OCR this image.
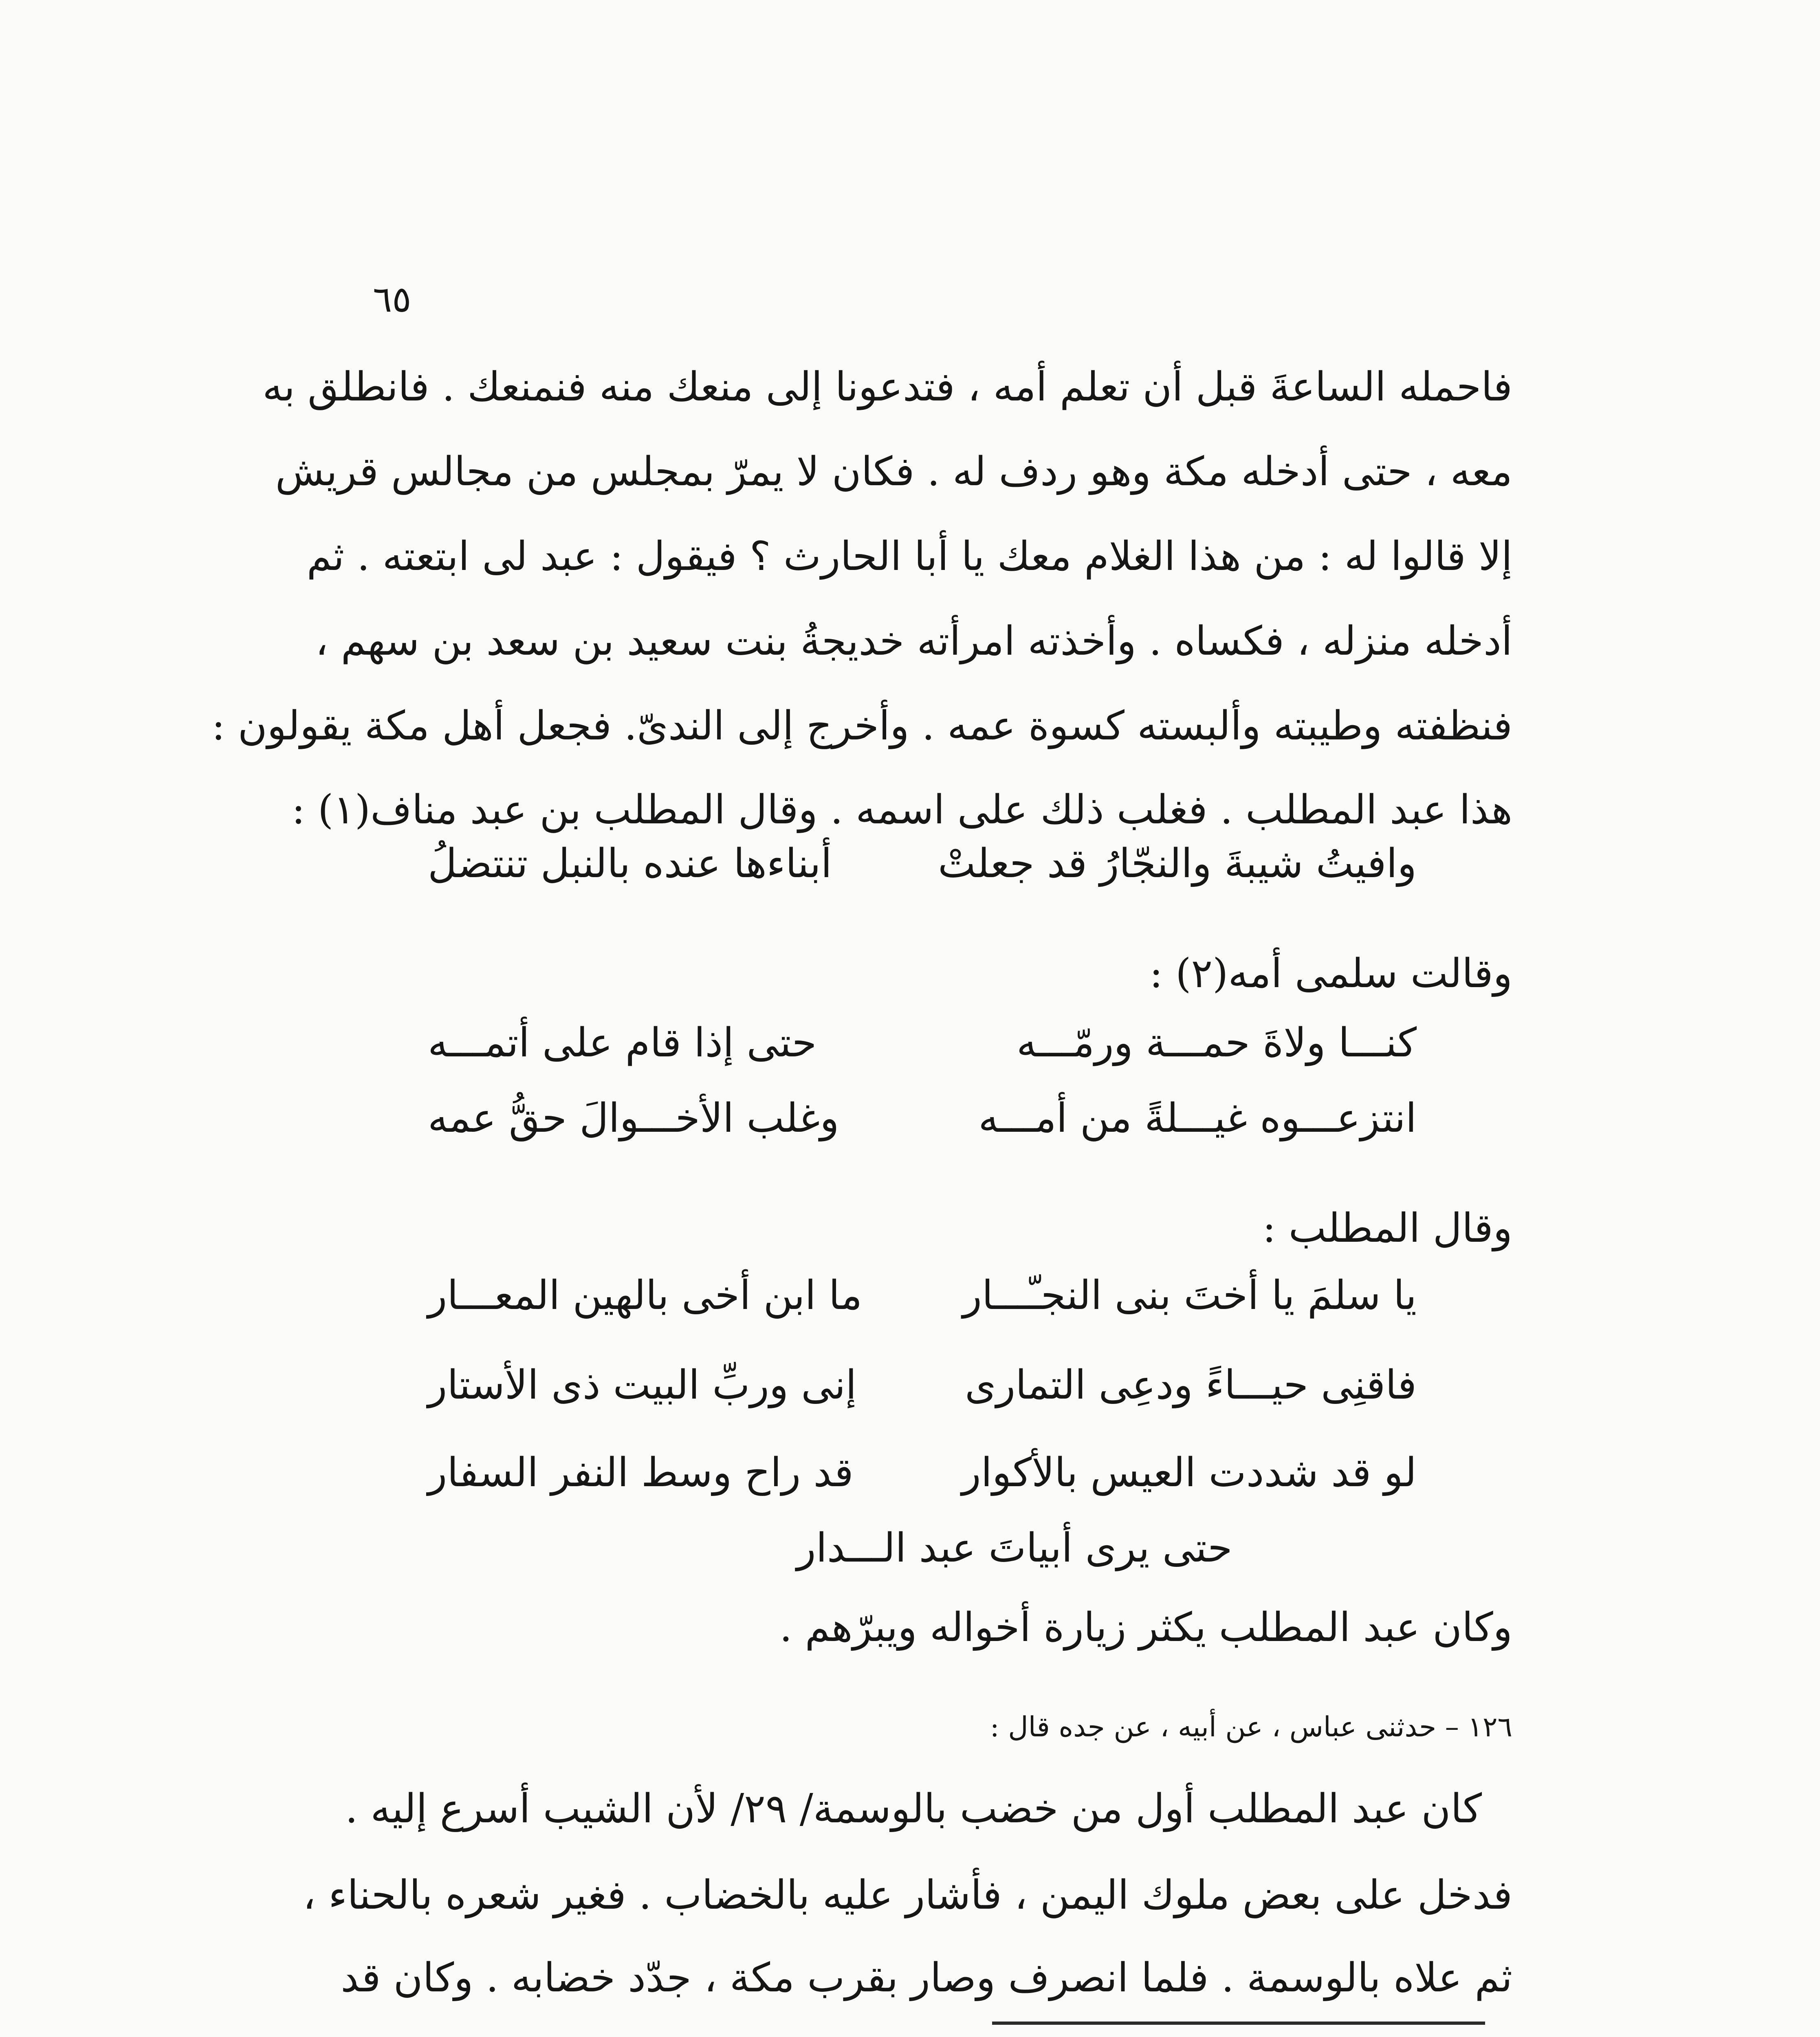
٦٥
فاحمله الساعةَ قبل أن تعلم أمه ، فتدعونا إلى منعك منه فنمنعك . فانطلق به
معه ، حتى أدخله مكة وهو ردف له . فكان لا يمرّ بمجلس من مجالس قريش
إلا قالوا له : من هذا الغلام معك يا أبا الحارث ؟ فيقول : عبد لى ابتعته . ثم
أدخله منزله ، فكساه . وأخذته امرأته خديجةُ بنت سعيد بن سعد بن سهم ،
فنظفته وطيبته وألبسته كسوة عمه . وأخرج إلى الندىّ. فجعل أهل مكة يقولون :
هذا عبد المطلب . فغلب ذلك على اسمه . وقال المطلب بن عبد مناف(١) :
وافيتُ شيبةَ والنجّارُ قد جعلتْ
أبناءها عنده بالنبل تنتضلُ
وقالت سلمى أمه(٢) :
كنـــا ولاةَ حمـــة ورمّـــه
حتى إذا قام على أتمـــه
انتزعـــوه غيـــلةً من أمـــه
وغلب الأخـــوالَ حقُّ عمه
وقال المطلب :
يا سلمَ يا أختَ بنى النجـّـــار
ما ابن أخى بالهين المعـــار
فاقنِى حيـــاءً ودعِى التمارى
إنى وربِّ البيت ذى الأستار
لو قد شددت العيس بالأكوار
قد راح وسط النفر السفار
حتى يرى أبياتَ عبد الـــدار
وكان عبد المطلب يكثر زيارة أخواله ويبرّهم .
١٢٦ – حدثنى عباس ، عن أبيه ، عن جده قال :
كان عبد المطلب أول من خضب بالوسمة/ ٢٩/ لأن الشيب أسرع إليه .
فدخل على بعض ملوك اليمن ، فأشار عليه بالخضاب . فغير شعره بالحناء ،
ثم علاه بالوسمة . فلما انصرف وصار بقرب مكة ، جدّد خضابه . وكان قد
